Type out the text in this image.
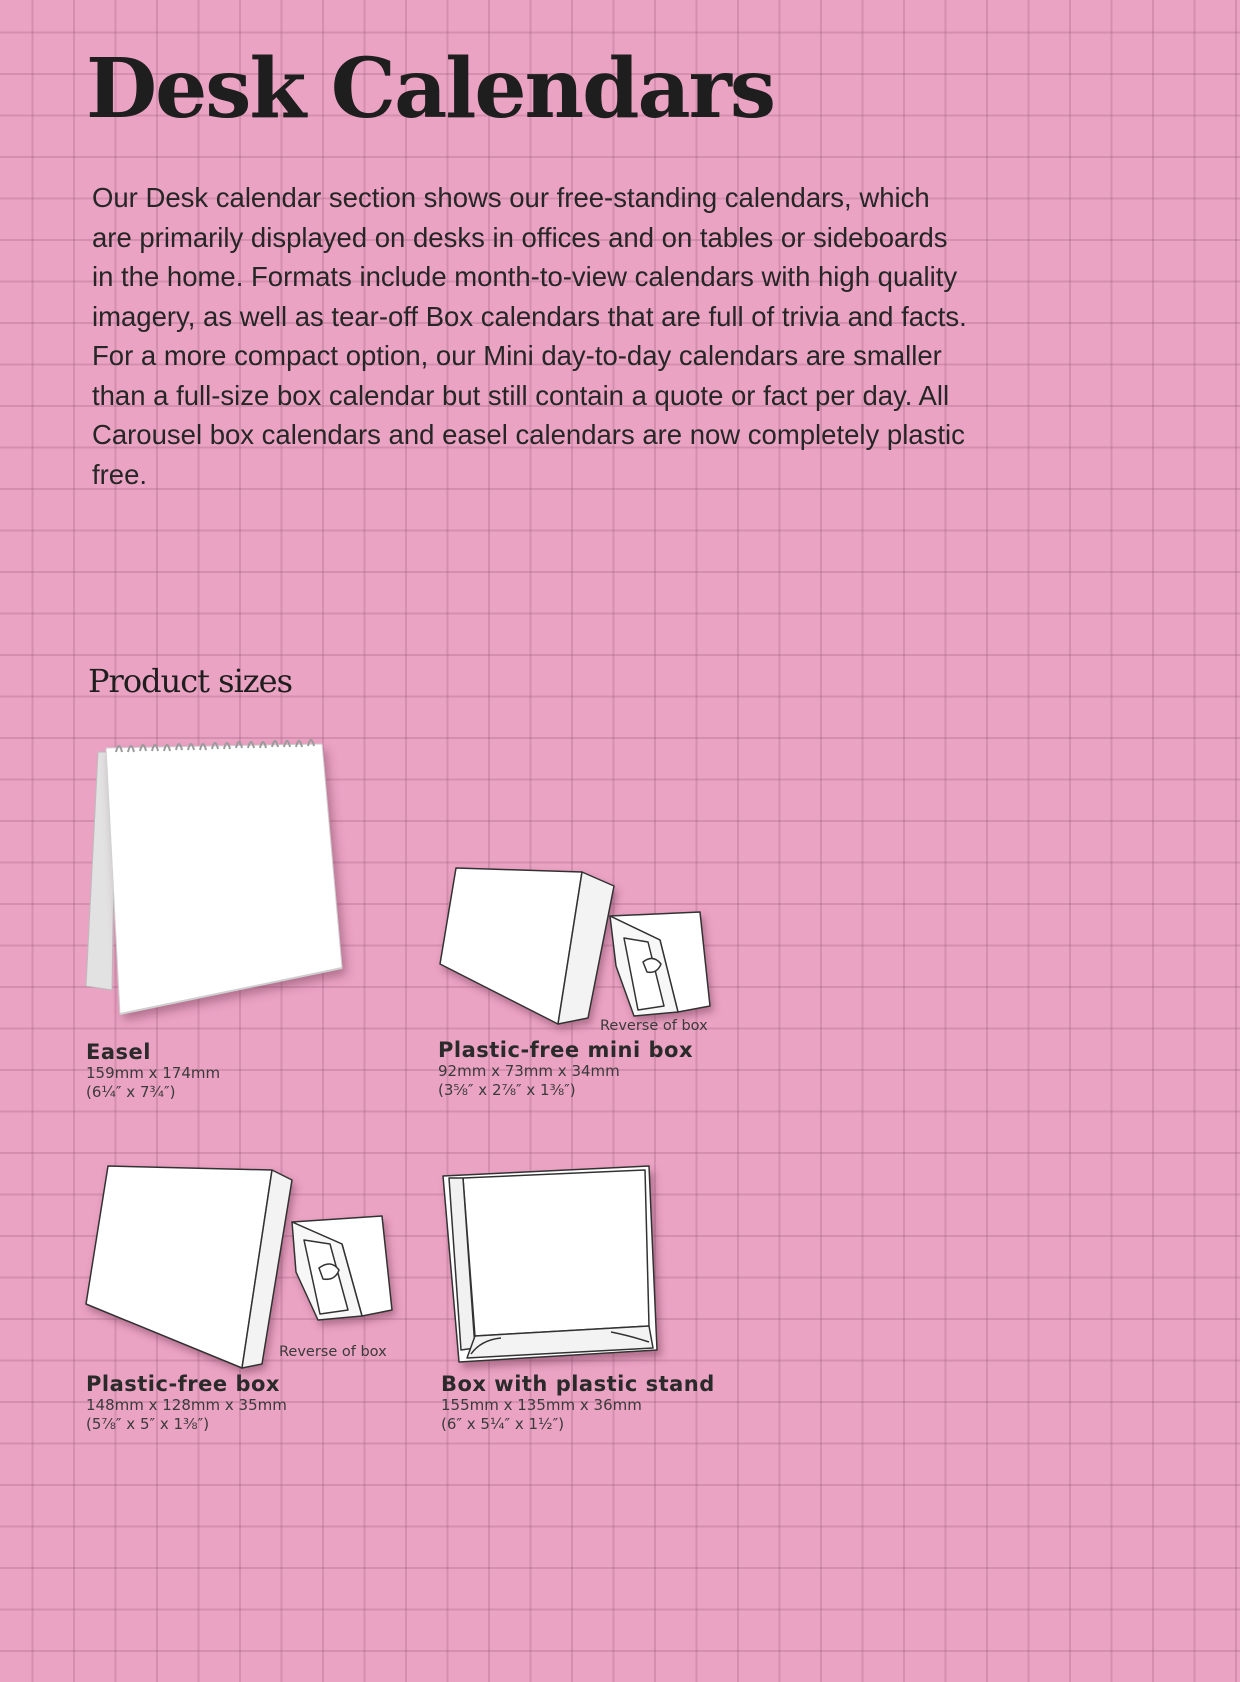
Desk Calendars

Our Desk calendar section shows our free-standing calendars, which are primarily displayed on desks in offices and on tables or sideboards in the home. Formats include month-to-view calendars with high quality imagery, as well as tear-off Box calendars that are full of trivia and facts. For a more compact option, our Mini day-to-day calendars are smaller than a full-size box calendar but still contain a quote or fact per day. All Carousel box calendars and easel calendars are now completely plastic free.

Product sizes
Easel
159mm x 174mm
(6¼″ x 7¾″)
Reverse of box
Plastic-free mini box
92mm x 73mm x 34mm
(3⅝″ x 2⅞″ x 1⅜″)
Reverse of box
Plastic-free box
148mm x 128mm x 35mm
(5⅞″ x 5″ x 1⅜″)
Box with plastic stand
155mm x 135mm x 36mm
(6″ x 5¼″ x 1½″)
